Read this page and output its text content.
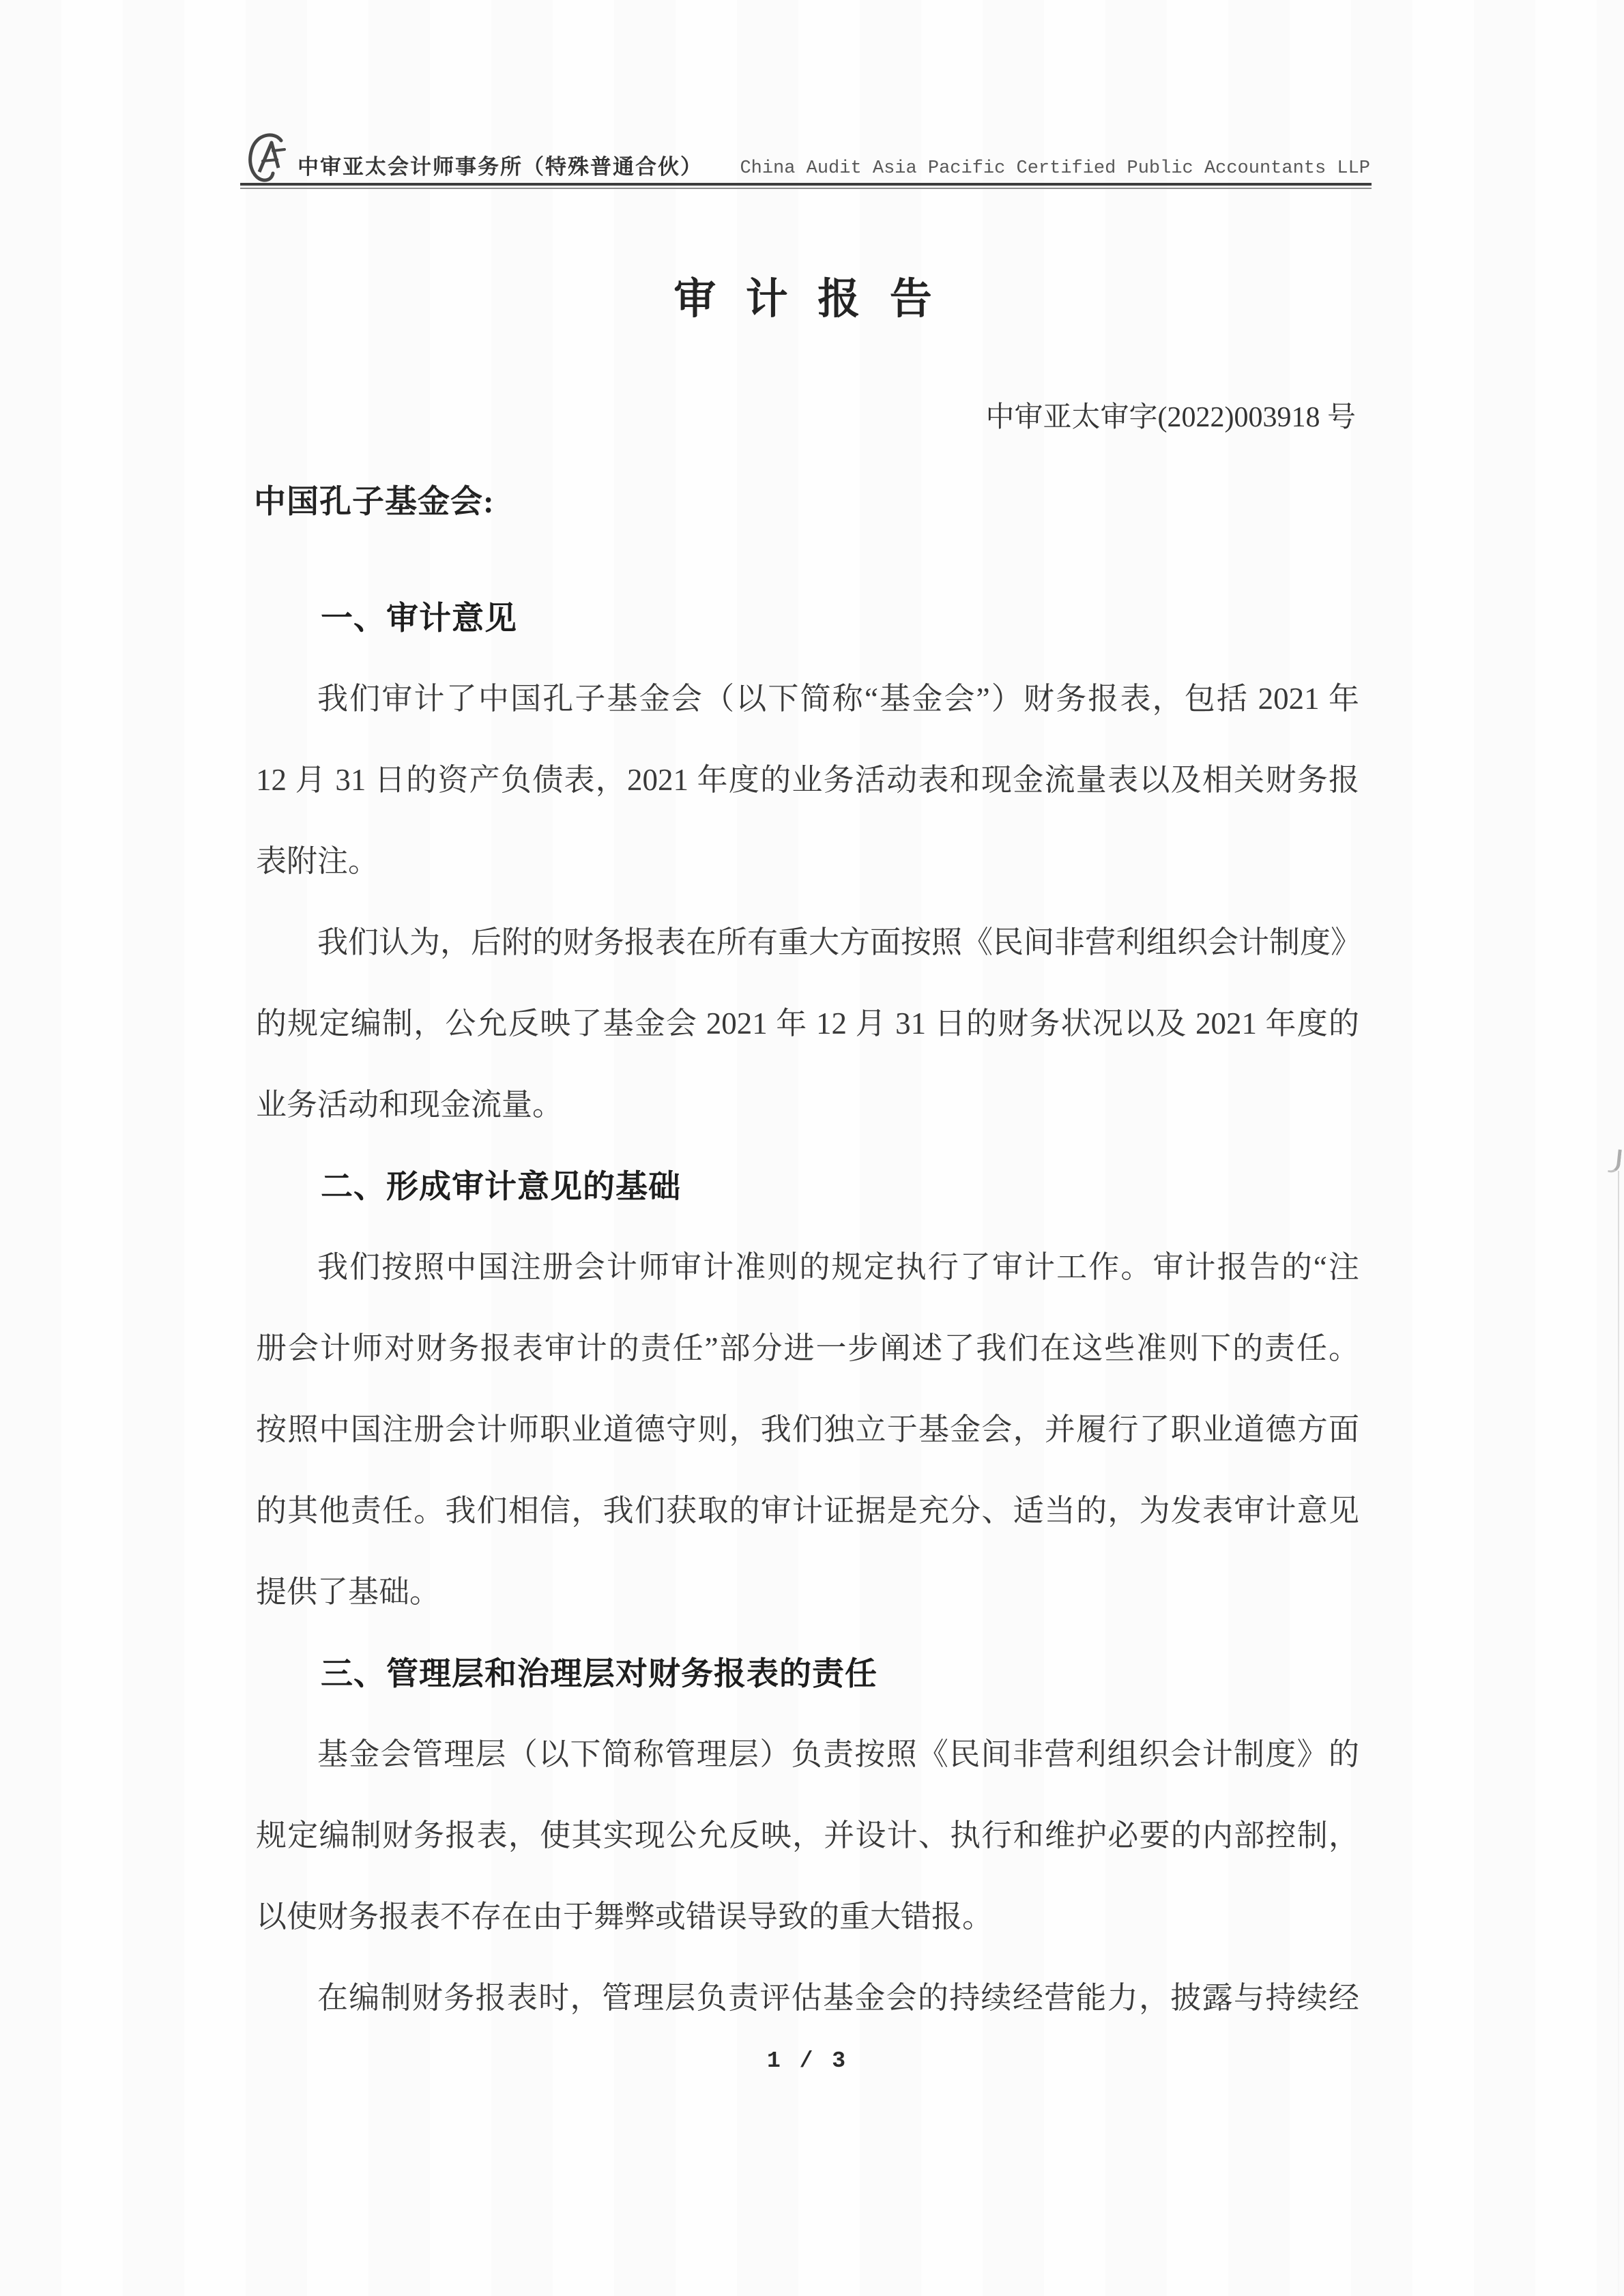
中审亚太会计师事务所（特殊普通合伙） China Audit Asia Pacific Certified Public Accountants LLP
审 计 报 告
中审亚太审字(2022)003918 号
中国孔子基金会:
一、审计意见
我们审计了中国孔子基金会（以下简称“基金会”）财务报表，包括 2021 年
12 月 31 日的资产负债表，2021 年度的业务活动表和现金流量表以及相关财务报
表附注。
我们认为，后附的财务报表在所有重大方面按照《民间非营利组织会计制度》
的规定编制，公允反映了基金会 2021 年 12 月 31 日的财务状况以及 2021 年度的
业务活动和现金流量。
二、形成审计意见的基础
我们按照中国注册会计师审计准则的规定执行了审计工作。审计报告的“注
册会计师对财务报表审计的责任”部分进一步阐述了我们在这些准则下的责任。
按照中国注册会计师职业道德守则，我们独立于基金会，并履行了职业道德方面
的其他责任。我们相信，我们获取的审计证据是充分、适当的，为发表审计意见
提供了基础。
三、管理层和治理层对财务报表的责任
基金会管理层（以下简称管理层）负责按照《民间非营利组织会计制度》的
规定编制财务报表，使其实现公允反映，并设计、执行和维护必要的内部控制，
以使财务报表不存在由于舞弊或错误导致的重大错报。
在编制财务报表时，管理层负责评估基金会的持续经营能力，披露与持续经
1 / 3
